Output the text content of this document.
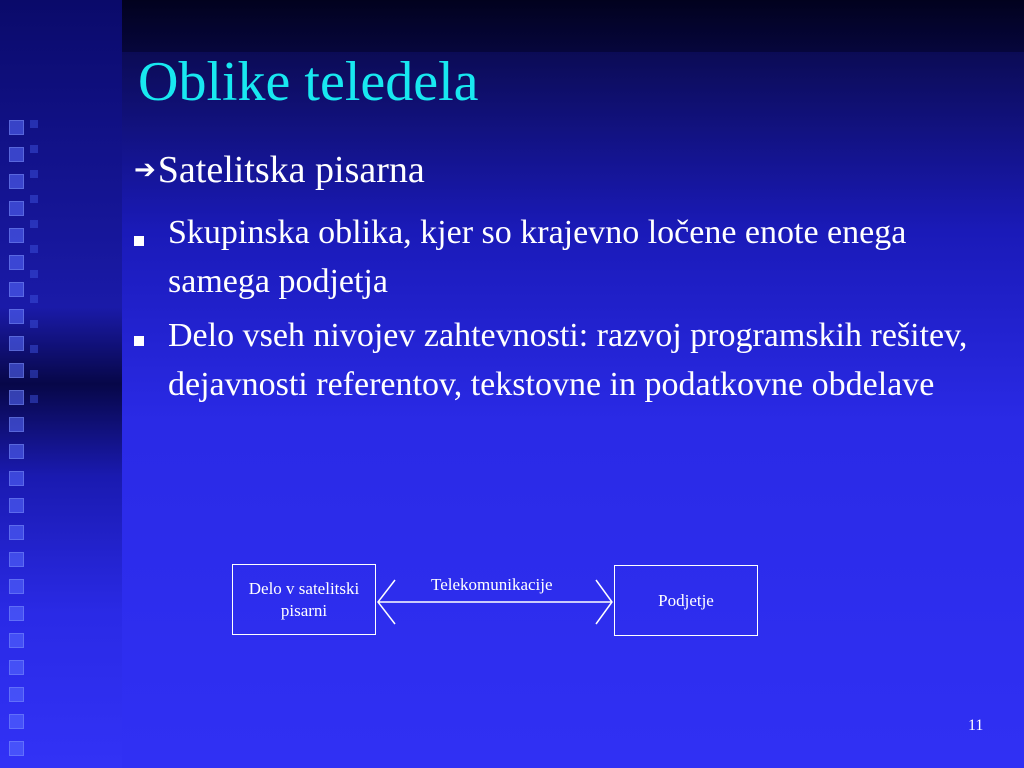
Oblike teledela
➔Satelitska pisarna
Skupinska oblika, kjer so krajevno ločene enote enega samega podjetja
Delo vseh nivojev zahtevnosti: razvoj programskih rešitev, dejavnosti referentov, tekstovne in podatkovne obdelave
Delo v satelitski pisarni
Podjetje
Telekomunikacije
11
